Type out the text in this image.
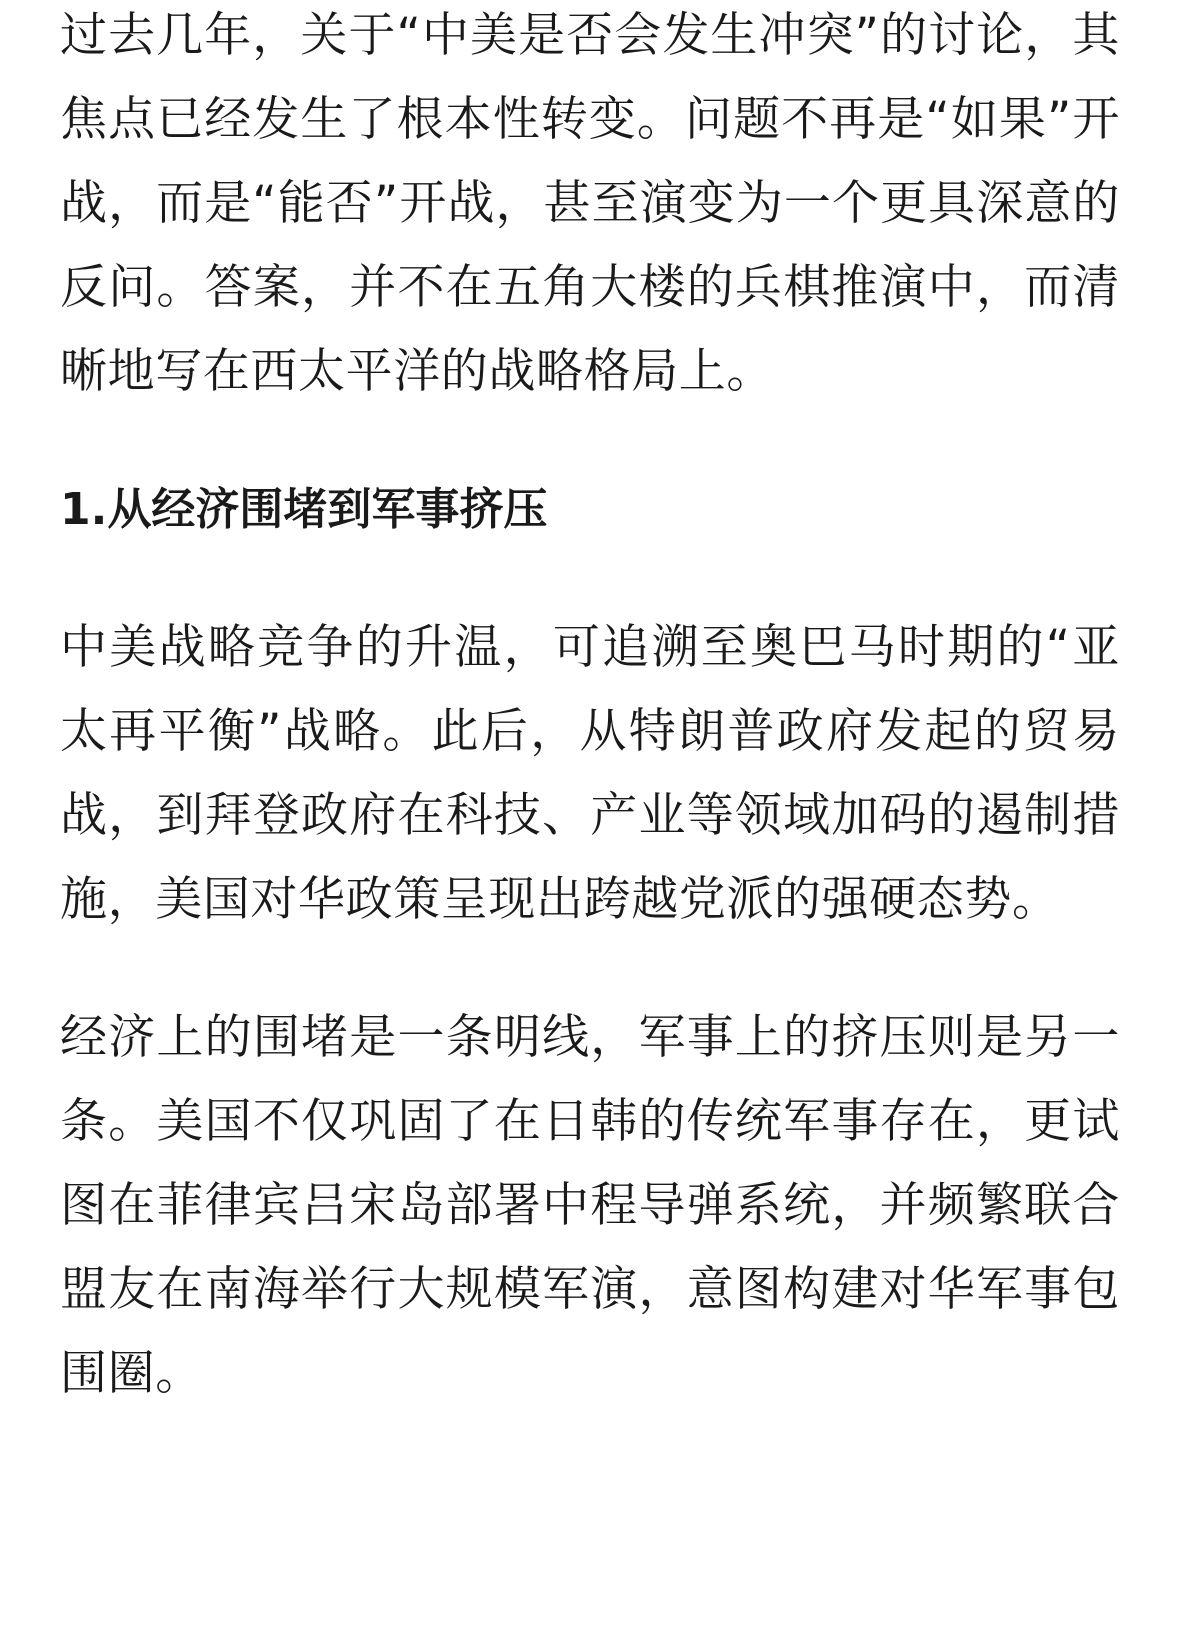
过去几年，关于“中美是否会发生冲突”的讨论，其焦点已经发生了根本性转变。问题不再是“如果”开战，而是“能否”开战，甚至演变为一个更具深意的反问。答案，并不在五角大楼的兵棋推演中，而清晰地写在西太平洋的战略格局上。

1.从经济围堵到军事挤压

中美战略竞争的升温，可追溯至奥巴马时期的“亚太再平衡”战略。此后，从特朗普政府发起的贸易战，到拜登政府在科技、产业等领域加码的遏制措施，美国对华政策呈现出跨越党派的强硬态势。

经济上的围堵是一条明线，军事上的挤压则是另一条。美国不仅巩固了在日韩的传统军事存在，更试图在菲律宾吕宋岛部署中程导弹系统，并频繁联合盟友在南海举行大规模军演，意图构建对华军事包围圈。
